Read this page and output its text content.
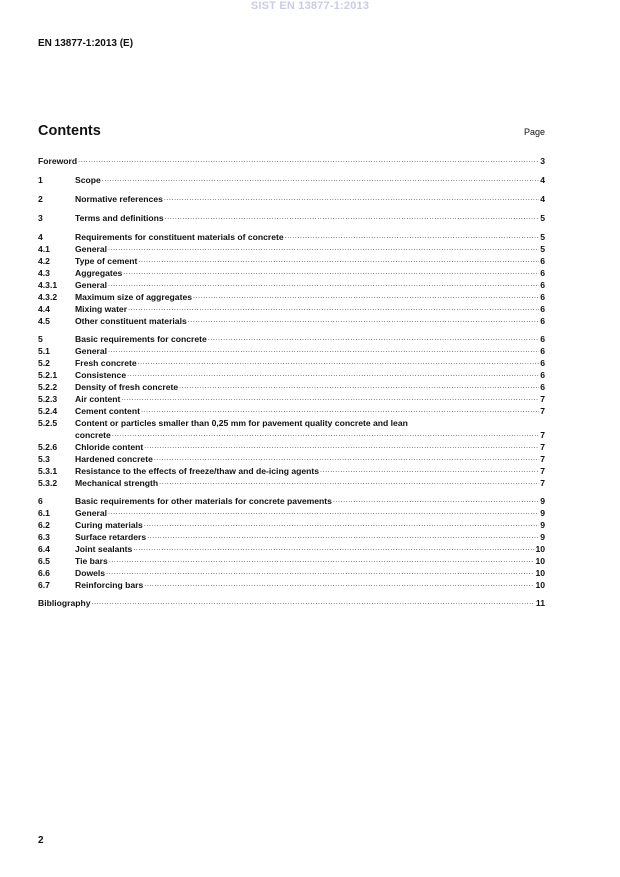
SIST EN 13877-1:2013
EN 13877-1:2013 (E)
Contents	Page
Foreword .....	3
1	Scope .....	4
2	Normative references .....	4
3	Terms and definitions .....	5
4	Requirements for constituent materials of concrete .....	5
4.1	General .....	5
4.2	Type of cement .....	6
4.3	Aggregates .....	6
4.3.1	General .....	6
4.3.2	Maximum size of aggregates .....	6
4.4	Mixing water .....	6
4.5	Other constituent materials .....	6
5	Basic requirements for concrete .....	6
5.1	General .....	6
5.2	Fresh concrete .....	6
5.2.1	Consistence .....	6
5.2.2	Density of fresh concrete .....	6
5.2.3	Air content .....	7
5.2.4	Cement content .....	7
5.2.5	Content or particles smaller than 0,25 mm for pavement quality concrete and lean
concrete .....	7
5.2.6	Chloride content .....	7
5.3	Hardened concrete .....	7
5.3.1	Resistance to the effects of freeze/thaw and de-icing agents .....	7
5.3.2	Mechanical strength .....	7
6	Basic requirements for other materials for concrete pavements .....	9
6.1	General .....	9
6.2	Curing materials .....	9
6.3	Surface retarders .....	9
6.4	Joint sealants .....	10
6.5	Tie bars .....	10
6.6	Dowels .....	10
6.7	Reinforcing bars .....	10
Bibliography .....	11
2
